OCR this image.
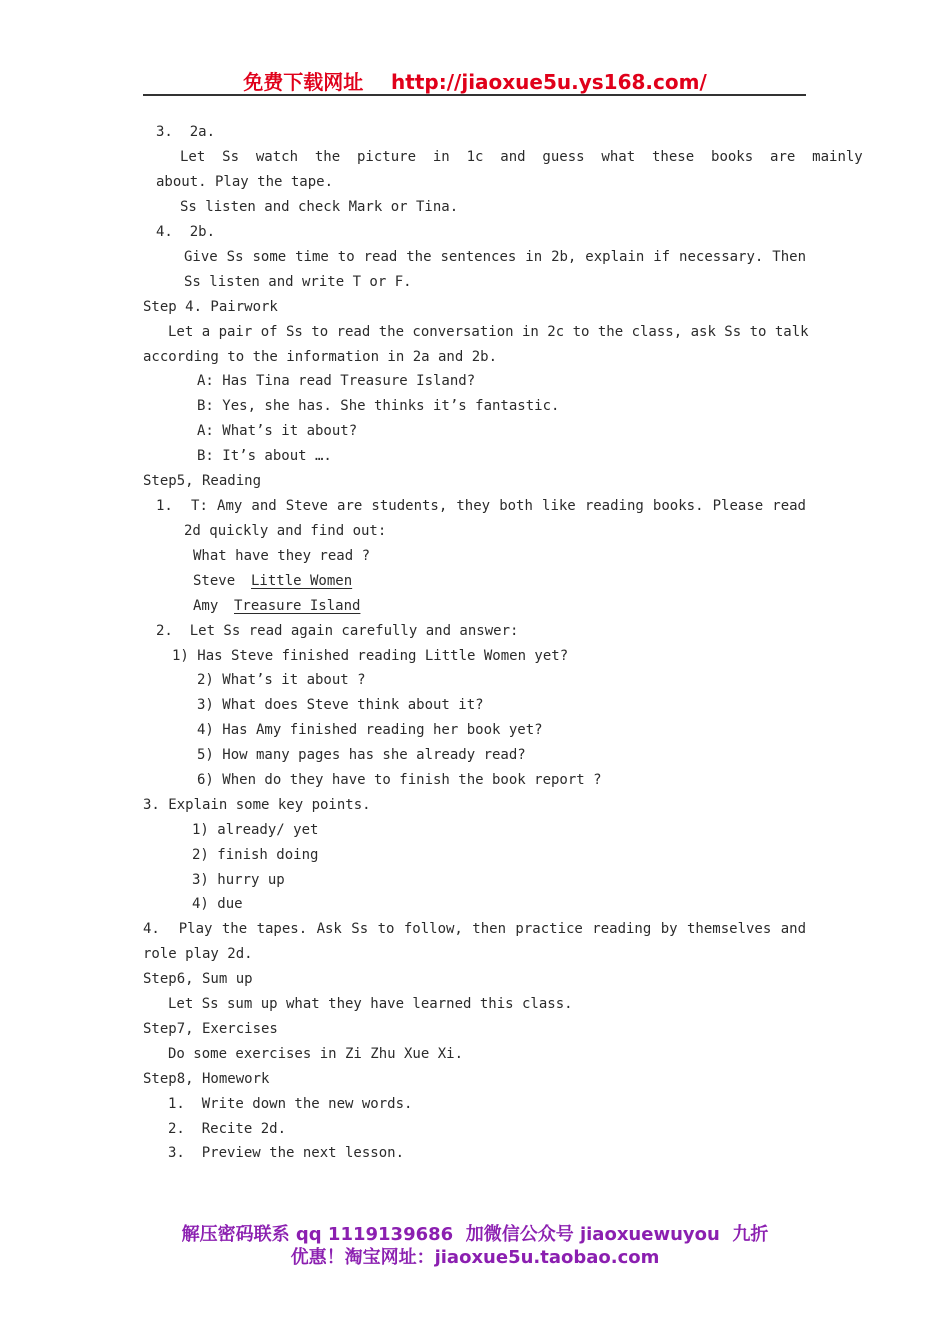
免费下载网址    http://jiaoxue5u.ys168.com/
3.  2a.
Let  Ss  watch  the  picture  in  1c  and  guess  what  these  books  are  mainly
about. Play the tape.
Ss listen and check Mark or Tina.
4.  2b.
Give Ss some time to read the sentences in 2b, explain if necessary. Then
Ss listen and write T or F.
Step 4. Pairwork
Let a pair of Ss to read the conversation in 2c to the class, ask Ss to talk
according to the information in 2a and 2b.
A: Has Tina read Treasure Island?
B: Yes, she has. She thinks it’s fantastic.
A: What’s it about?
B: It’s about ….
Step5, Reading
1.  T: Amy and Steve are students, they both like reading books. Please read
2d quickly and find out:
What have they read ?
Steve Little Women
Amy Treasure Island
2.  Let Ss read again carefully and answer:
1) Has Steve finished reading Little Women yet?
2) What’s it about ?
3) What does Steve think about it?
4) Has Amy finished reading her book yet?
5) How many pages has she already read?
6) When do they have to finish the book report ?
3. Explain some key points.
1) already/ yet
2) finish doing
3) hurry up
4) due
4.  Play the tapes. Ask Ss to follow, then practice reading by themselves and
role play 2d.
Step6, Sum up
Let Ss sum up what they have learned this class.
Step7, Exercises
Do some exercises in Zi Zhu Xue Xi.
Step8, Homework
1.  Write down the new words.
2.  Recite 2d.
3.  Preview the next lesson.
解压密码联系 qq 1119139686  加微信公众号 jiaoxuewuyou  九折
优惠！淘宝网址：jiaoxue5u.taobao.com
